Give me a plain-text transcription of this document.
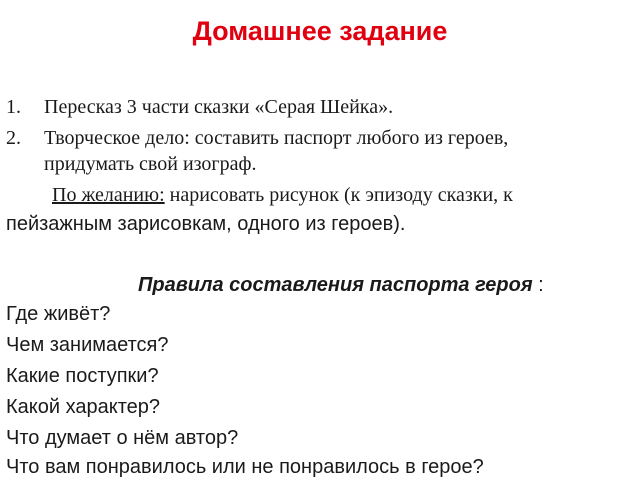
Домашнее задание
1. Пересказ 3 части сказки «Серая Шейка».
2. Творческое дело: составить паспорт любого из героев,
придумать свой изограф.
По желанию: нарисовать рисунок (к эпизоду сказки, к
пейзажным зарисовкам, одного из героев).
Правила составления паспорта героя :
Где живёт?
Чем занимается?
Какие поступки?
Какой характер?
Что думает о нём автор?
Что вам понравилось или не понравилось в герое?
